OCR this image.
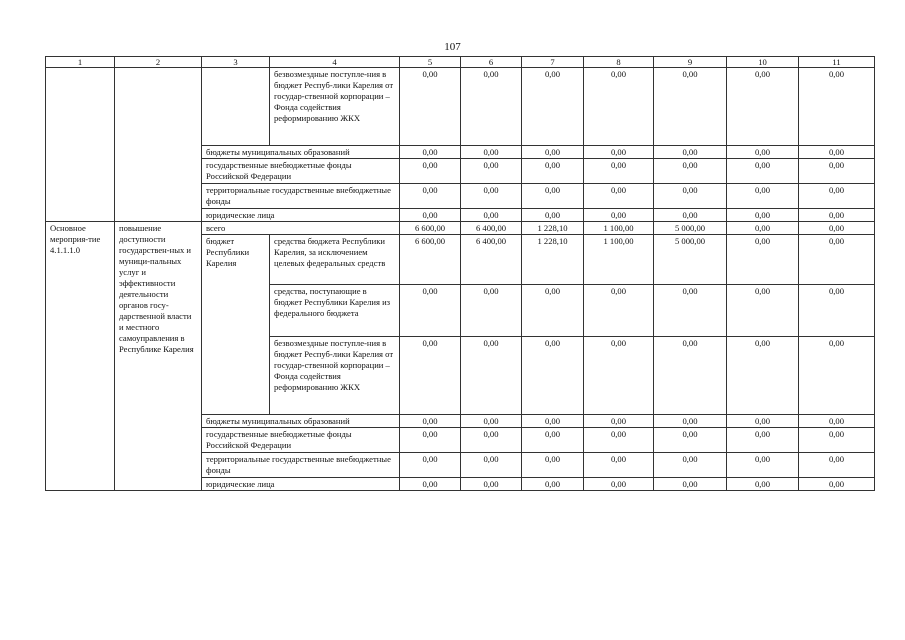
107
1	2	3	4	5	6	7	8	9	10	11
			безвозмездные поступле-ния в бюджет Респуб-лики Карелия от государ-ственной корпорации – Фонда содействия реформированию ЖКХ	0,00	0,00	0,00	0,00	0,00	0,00	0,00
		бюджеты муниципальных образований		0,00	0,00	0,00	0,00	0,00	0,00	0,00
		государственные внебюджетные фонды Российской Федерации		0,00	0,00	0,00	0,00	0,00	0,00	0,00
		территориальные государственные внебюджетные фонды		0,00	0,00	0,00	0,00	0,00	0,00	0,00
		юридические лица		0,00	0,00	0,00	0,00	0,00	0,00	0,00
Основное мероприя-тие 4.1.1.1.0	повышение доступности государствен-ных и муници-пальных услуг и эффективности деятельности органов госу-дарственной власти и местного самоуправления в Республике Карелия	всего		6 600,00	6 400,00	1 228,10	1 100,00	5 000,00	0,00	0,00
		бюджет Республики Карелия	средства бюджета Республики Карелия, за исключением целевых федеральных средств	6 600,00	6 400,00	1 228,10	1 100,00	5 000,00	0,00	0,00
			средства, поступающие в бюджет Республики Карелия из федерального бюджета	0,00	0,00	0,00	0,00	0,00	0,00	0,00
			безвозмездные поступле-ния в бюджет Респуб-лики Карелия от государ-ственной корпорации – Фонда содействия реформированию ЖКХ	0,00	0,00	0,00	0,00	0,00	0,00	0,00
		бюджеты муниципальных образований		0,00	0,00	0,00	0,00	0,00	0,00	0,00
		государственные внебюджетные фонды Российской Федерации		0,00	0,00	0,00	0,00	0,00	0,00	0,00
		территориальные государственные внебюджетные фонды		0,00	0,00	0,00	0,00	0,00	0,00	0,00
		юридические лица		0,00	0,00	0,00	0,00	0,00	0,00	0,00
